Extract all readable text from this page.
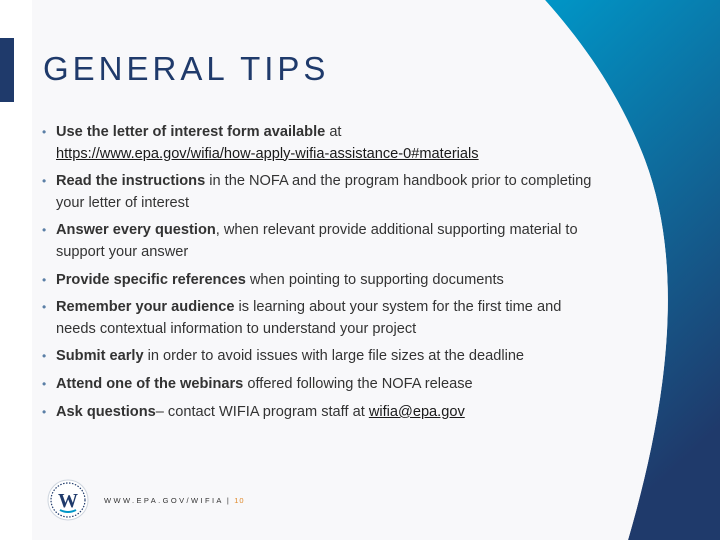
GENERAL TIPS
• Use the letter of interest form available at
https://www.epa.gov/wifia/how-apply-wifia-assistance-0#materials
• Read the instructions in the NOFA and the program handbook prior to completing your letter of interest
• Answer every question, when relevant provide additional supporting material to support your answer
• Provide specific references when pointing to supporting documents
• Remember your audience is learning about your system for the first time and needs contextual information to understand your project
• Submit early in order to avoid issues with large file sizes at the deadline
• Attend one of the webinars offered following the NOFA release
• Ask questions– contact WIFIA program staff at wifia@epa.gov
W	WWW.EPA.GOV/WIFIA | 10
